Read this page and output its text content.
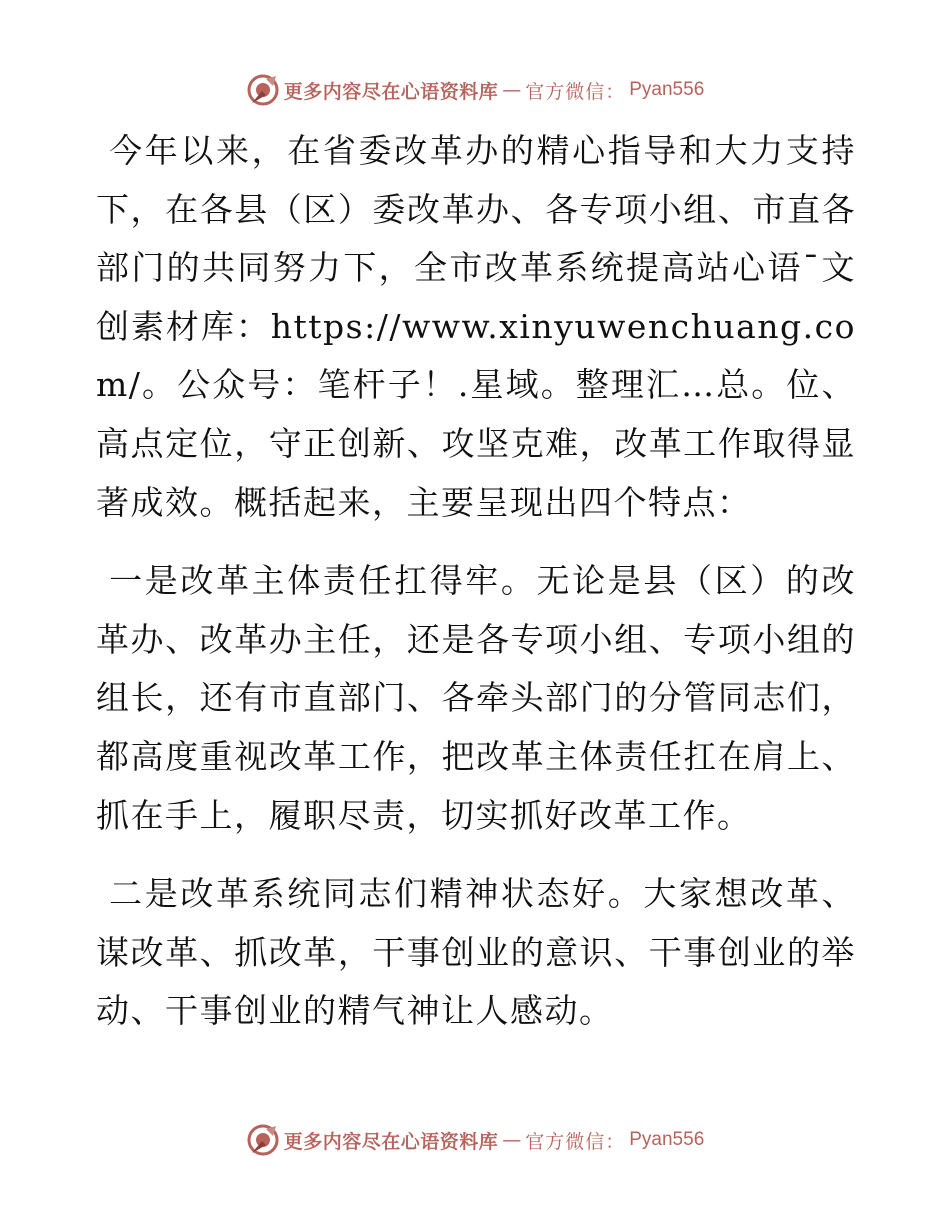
更多内容尽在心语资料库 — 官方微信： Pyan556

今年以来，在省委改革办的精心指导和大力支持下，在各县（区）委改革办、各专项小组、市直各部门的共同努力下，全市改革系统提高站心语¯文创素材库：https://www.xinyuwenchuang.com/。公众号：笔杆子！.星域。整理汇…总。位、高点定位，守正创新、攻坚克难，改革工作取得显著成效。概括起来，主要呈现出四个特点：

一是改革主体责任扛得牢。无论是县（区）的改革办、改革办主任，还是各专项小组、专项小组的组长，还有市直部门、各牵头部门的分管同志们，都高度重视改革工作，把改革主体责任扛在肩上、抓在手上，履职尽责，切实抓好改革工作。

二是改革系统同志们精神状态好。大家想改革、谋改革、抓改革，干事创业的意识、干事创业的举动、干事创业的精气神让人感动。

更多内容尽在心语资料库 — 官方微信： Pyan556
